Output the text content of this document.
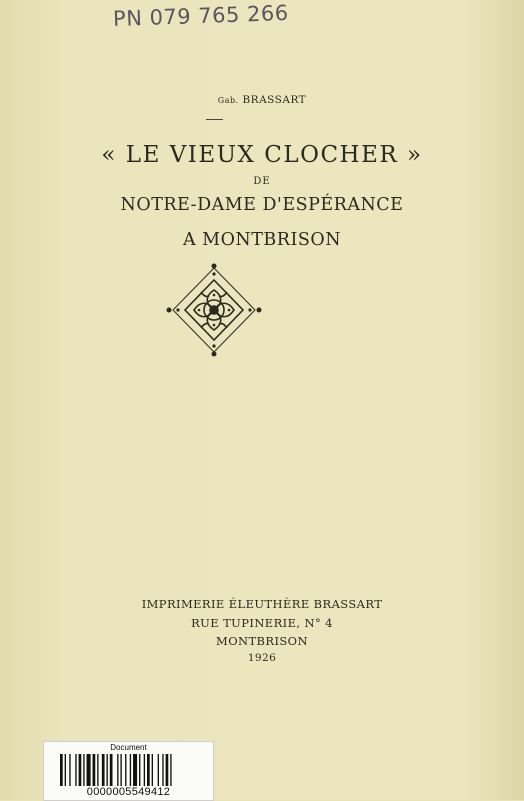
PN 079 765 266
Gab. BRASSART
« LE VIEUX CLOCHER »
DE
NOTRE-DAME D'ESPÉRANCE
A MONTBRISON
IMPRIMERIE ÉLEUTHÈRE BRASSART
RUE TUPINERIE, N° 4
MONTBRISON
1926
Document
0000005549412
